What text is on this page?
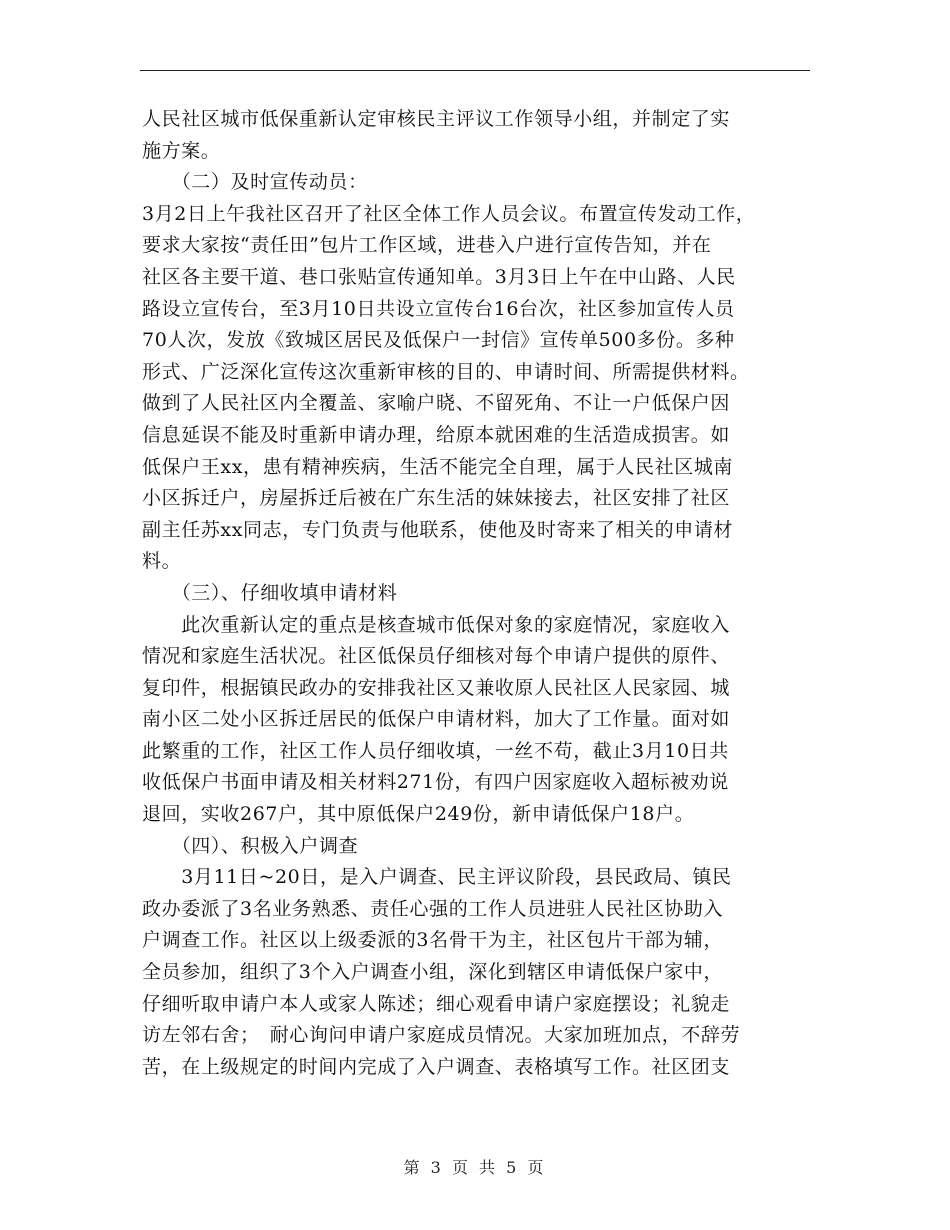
人民社区城市低保重新认定审核民主评议工作领导小组，并制定了实

施方案。

　　（二）及时宣传动员：

3月2日上午我社区召开了社区全体工作人员会议。布置宣传发动工作，

要求大家按“责任田”包片工作区域，进巷入户进行宣传告知，并在

社区各主要干道、巷口张贴宣传通知单。3月3日上午在中山路、人民

路设立宣传台，至3月10日共设立宣传台16台次，社区参加宣传人员

70人次，发放《致城区居民及低保户一封信》宣传单500多份。多种

形式、广泛深化宣传这次重新审核的目的、申请时间、所需提供材料。

做到了人民社区内全覆盖、家喻户晓、不留死角、不让一户低保户因

信息延误不能及时重新申请办理，给原本就困难的生活造成损害。如

低保户王xx，患有精神疾病，生活不能完全自理，属于人民社区城南

小区拆迁户，房屋拆迁后被在广东生活的妹妹接去，社区安排了社区

副主任苏xx同志，专门负责与他联系，使他及时寄来了相关的申请材

料。

　　（三）、仔细收填申请材料

　　此次重新认定的重点是核查城市低保对象的家庭情况，家庭收入

情况和家庭生活状况。社区低保员仔细核对每个申请户提供的原件、

复印件，根据镇民政办的安排我社区又兼收原人民社区人民家园、城

南小区二处小区拆迁居民的低保户申请材料，加大了工作量。面对如

此繁重的工作，社区工作人员仔细收填，一丝不苟，截止3月10日共

收低保户书面申请及相关材料271份，有四户因家庭收入超标被劝说

退回，实收267户，其中原低保户249份，新申请低保户18户。

　　（四）、积极入户调查

　　3月11日~20日，是入户调查、民主评议阶段，县民政局、镇民

政办委派了3名业务熟悉、责任心强的工作人员进驻人民社区协助入

户调查工作。社区以上级委派的3名骨干为主，社区包片干部为辅，

全员参加，组织了3个入户调查小组，深化到辖区申请低保户家中，

仔细听取申请户本人或家人陈述；细心观看申请户家庭摆设；礼貌走

访左邻右舍；　耐心询问申请户家庭成员情况。大家加班加点，不辞劳

苦，在上级规定的时间内完成了入户调查、表格填写工作。社区团支

第 3 页 共 5 页
